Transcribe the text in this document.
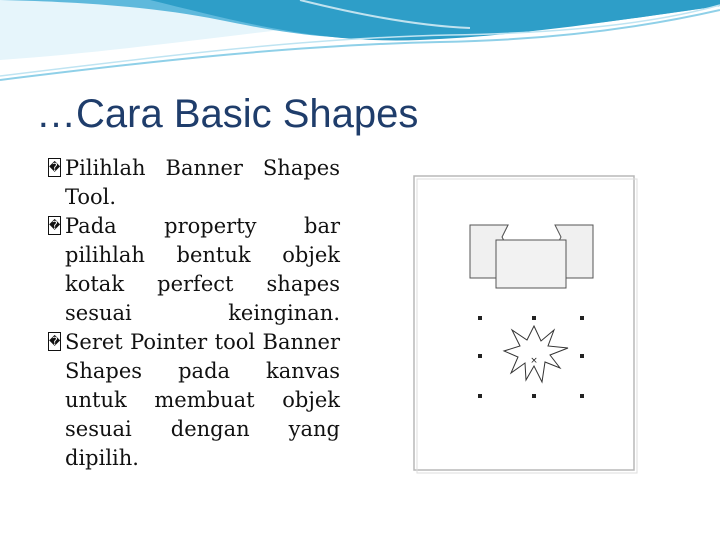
…Cara Basic Shapes
� Pilihlah Banner Shapes Tool.
� Pada property bar pilihlah bentuk objek kotak perfect shapes sesuai keinginan.
� Seret Pointer tool Banner Shapes pada kanvas untuk membuat objek sesuai dengan yang dipilih.
×
